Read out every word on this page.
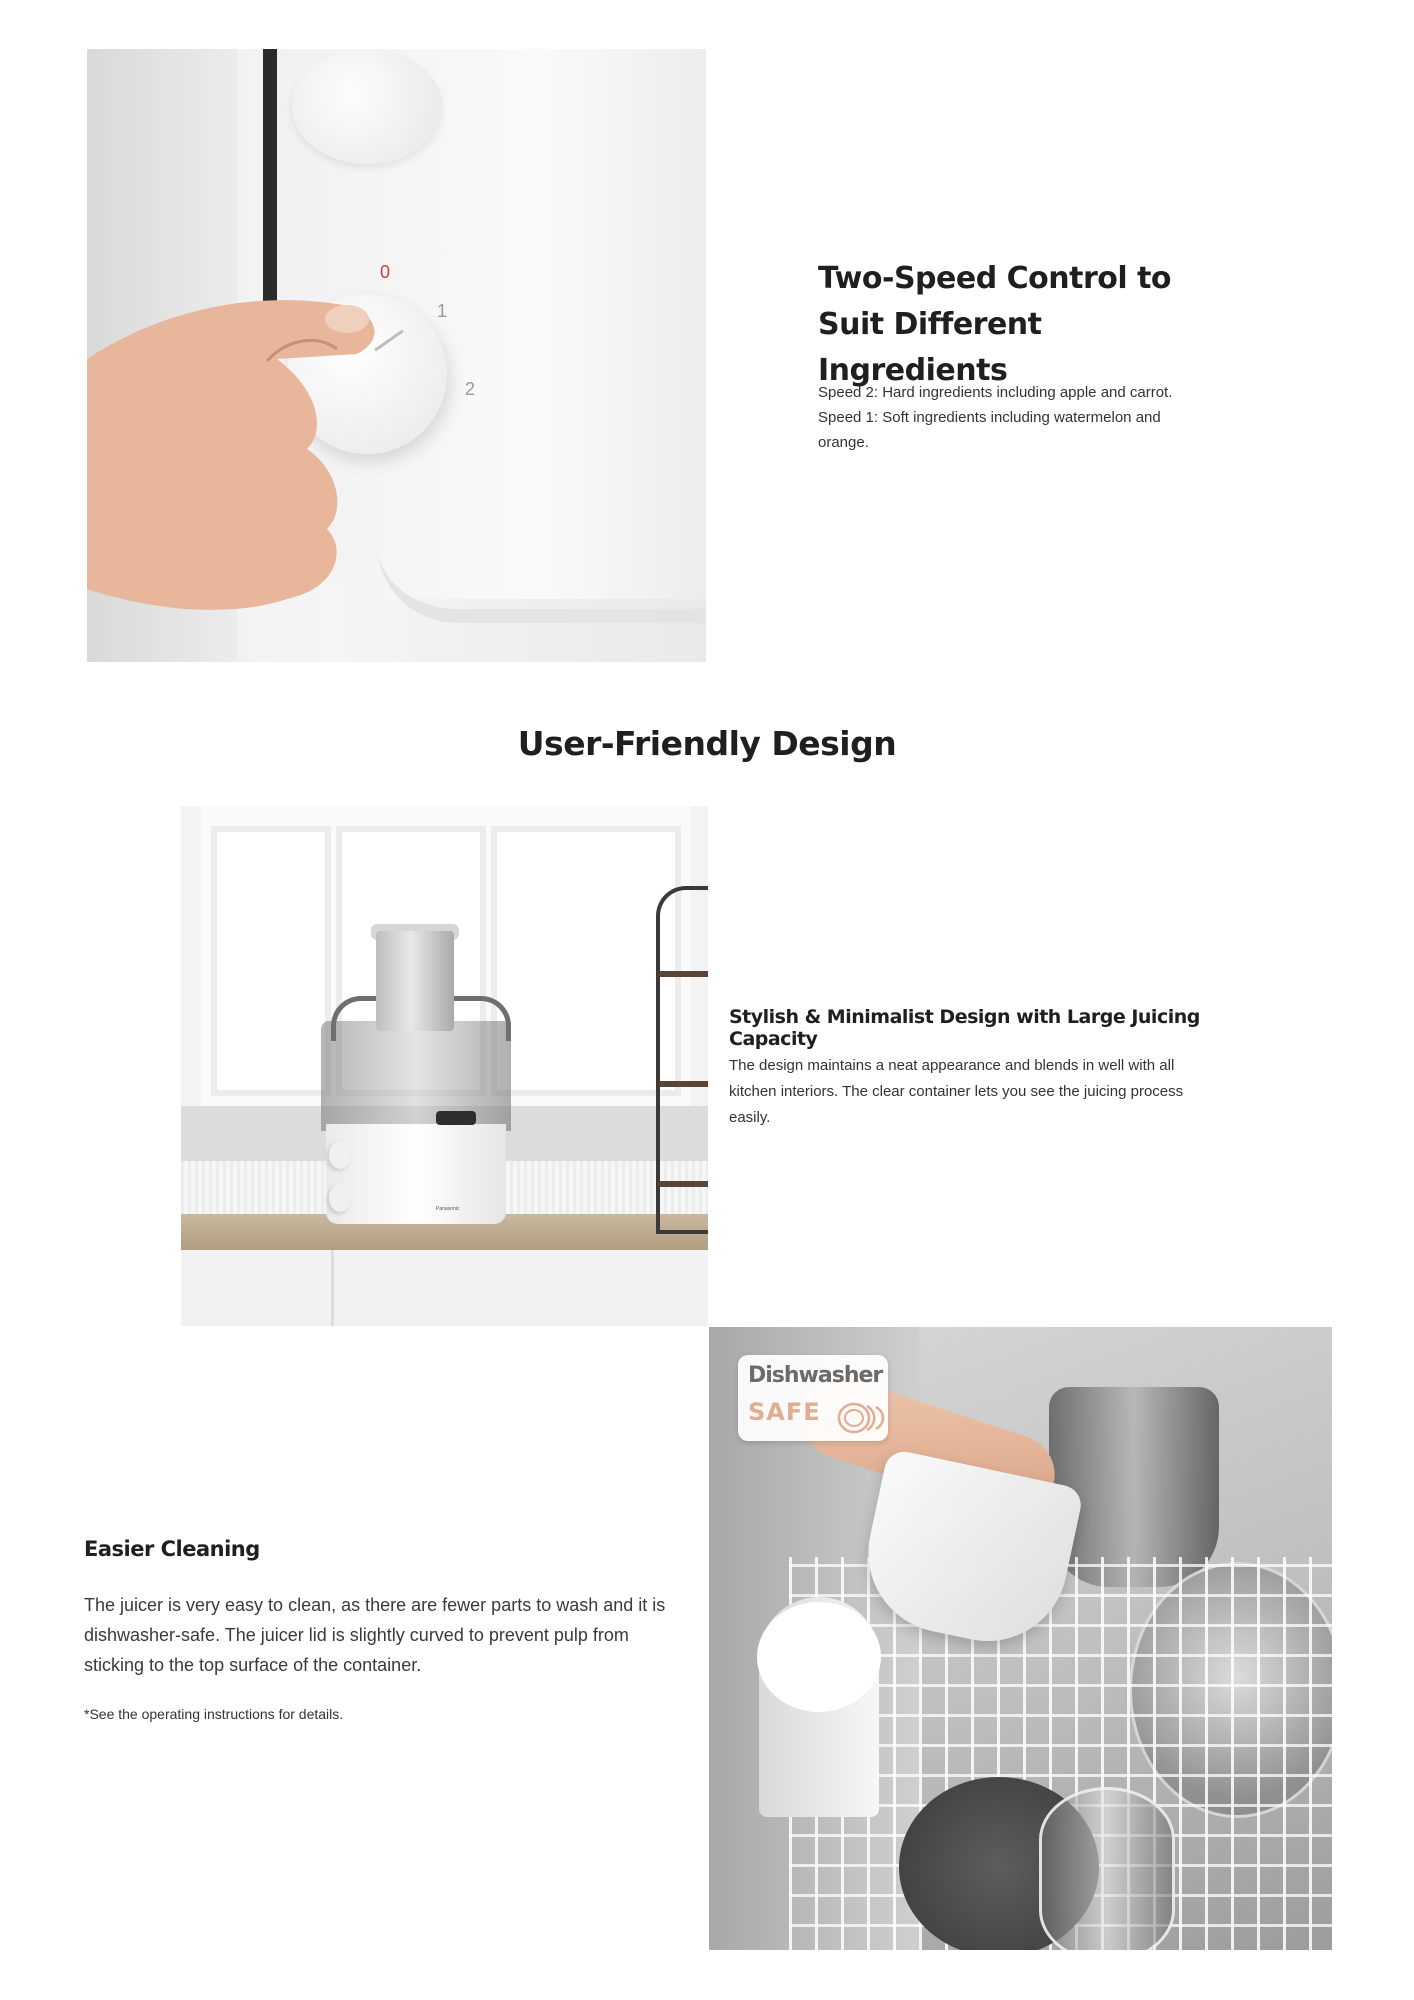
0
1
2
Two-Speed Control to Suit Different Ingredients
Speed 2: Hard ingredients including apple and carrot.
Speed 1: Soft ingredients including watermelon and orange.
User-Friendly Design
Panasonic
Stylish & Minimalist Design with Large Juicing Capacity
The design maintains a neat appearance and blends in well with all kitchen interiors. The clear container lets you see the juicing process easily.
Dishwasher
SAFE
Easier Cleaning
The juicer is very easy to clean, as there are fewer parts to wash and it is dishwasher-safe. The juicer lid is slightly curved to prevent pulp from sticking to the top surface of the container.
*See the operating instructions for details.
